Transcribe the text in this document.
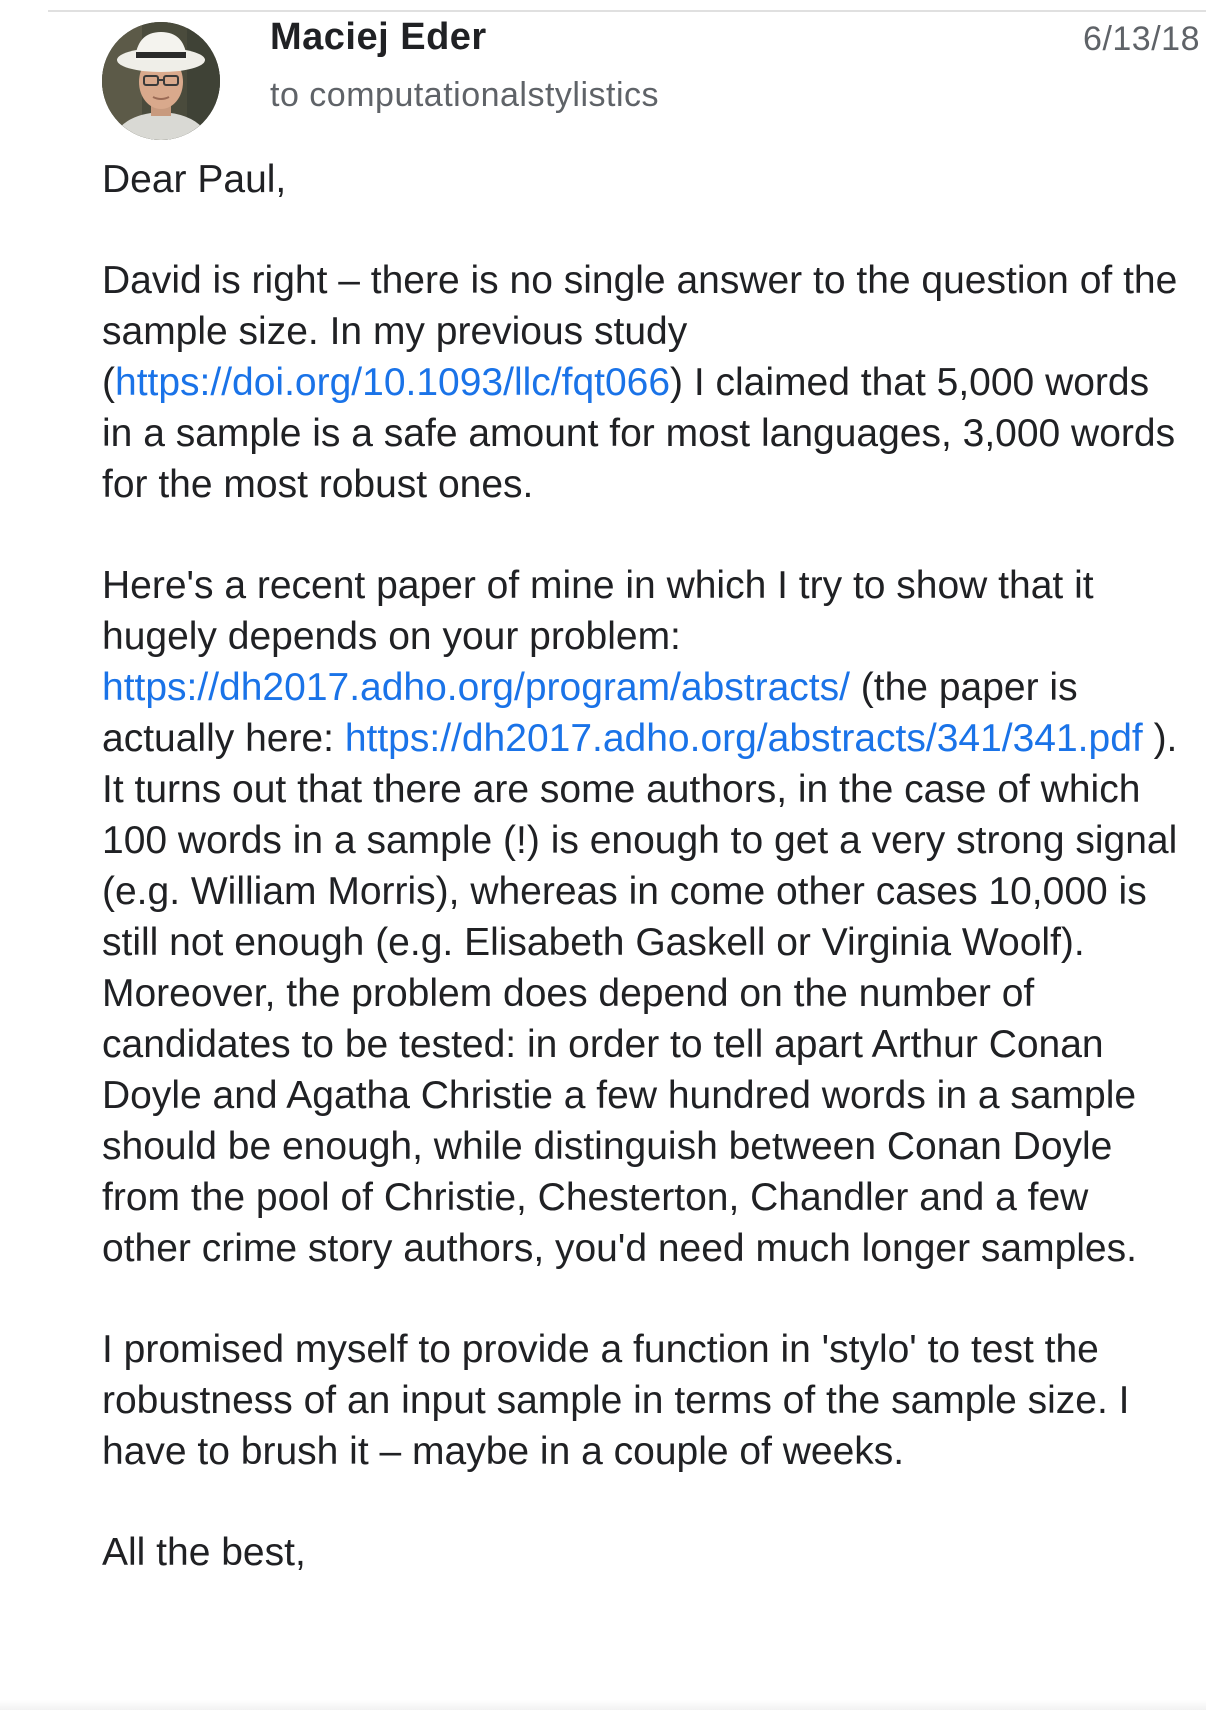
Maciej Eder
to computationalstylistics
6/13/18

Dear Paul,

David is right – there is no single answer to the question of the sample size. In my previous study (https://doi.org/10.1093/llc/fqt066) I claimed that 5,000 words in a sample is a safe amount for most languages, 3,000 words for the most robust ones.

Here's a recent paper of mine in which I try to show that it hugely depends on your problem: https://dh2017.adho.org/program/abstracts/ (the paper is actually here: https://dh2017.adho.org/abstracts/341/341.pdf ). It turns out that there are some authors, in the case of which 100 words in a sample (!) is enough to get a very strong signal (e.g. William Morris), whereas in come other cases 10,000 is still not enough (e.g. Elisabeth Gaskell or Virginia Woolf). Moreover, the problem does depend on the number of candidates to be tested: in order to tell apart Arthur Conan Doyle and Agatha Christie a few hundred words in a sample should be enough, while distinguish between Conan Doyle from the pool of Christie, Chesterton, Chandler and a few other crime story authors, you'd need much longer samples.

I promised myself to provide a function in 'stylo' to test the robustness of an input sample in terms of the sample size. I have to brush it – maybe in a couple of weeks.

All the best,
